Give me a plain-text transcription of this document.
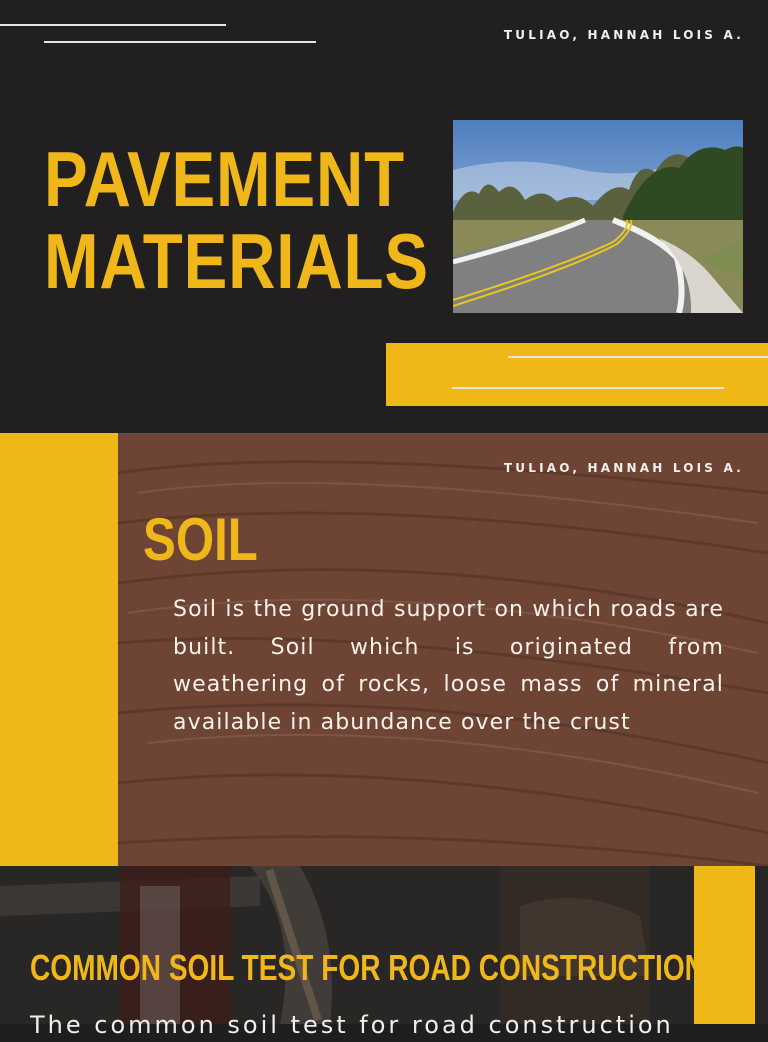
TULIAO, HANNAH LOIS A.
PAVEMENT
MATERIALS
TULIAO, HANNAH LOIS A.
SOIL

Soil is the ground support on which roads are built. Soil which is originated from weathering of rocks, loose mass of mineral available in abundance over the crust

COMMON SOIL TEST FOR ROAD CONSTRUCTION

The common soil test for road construction
